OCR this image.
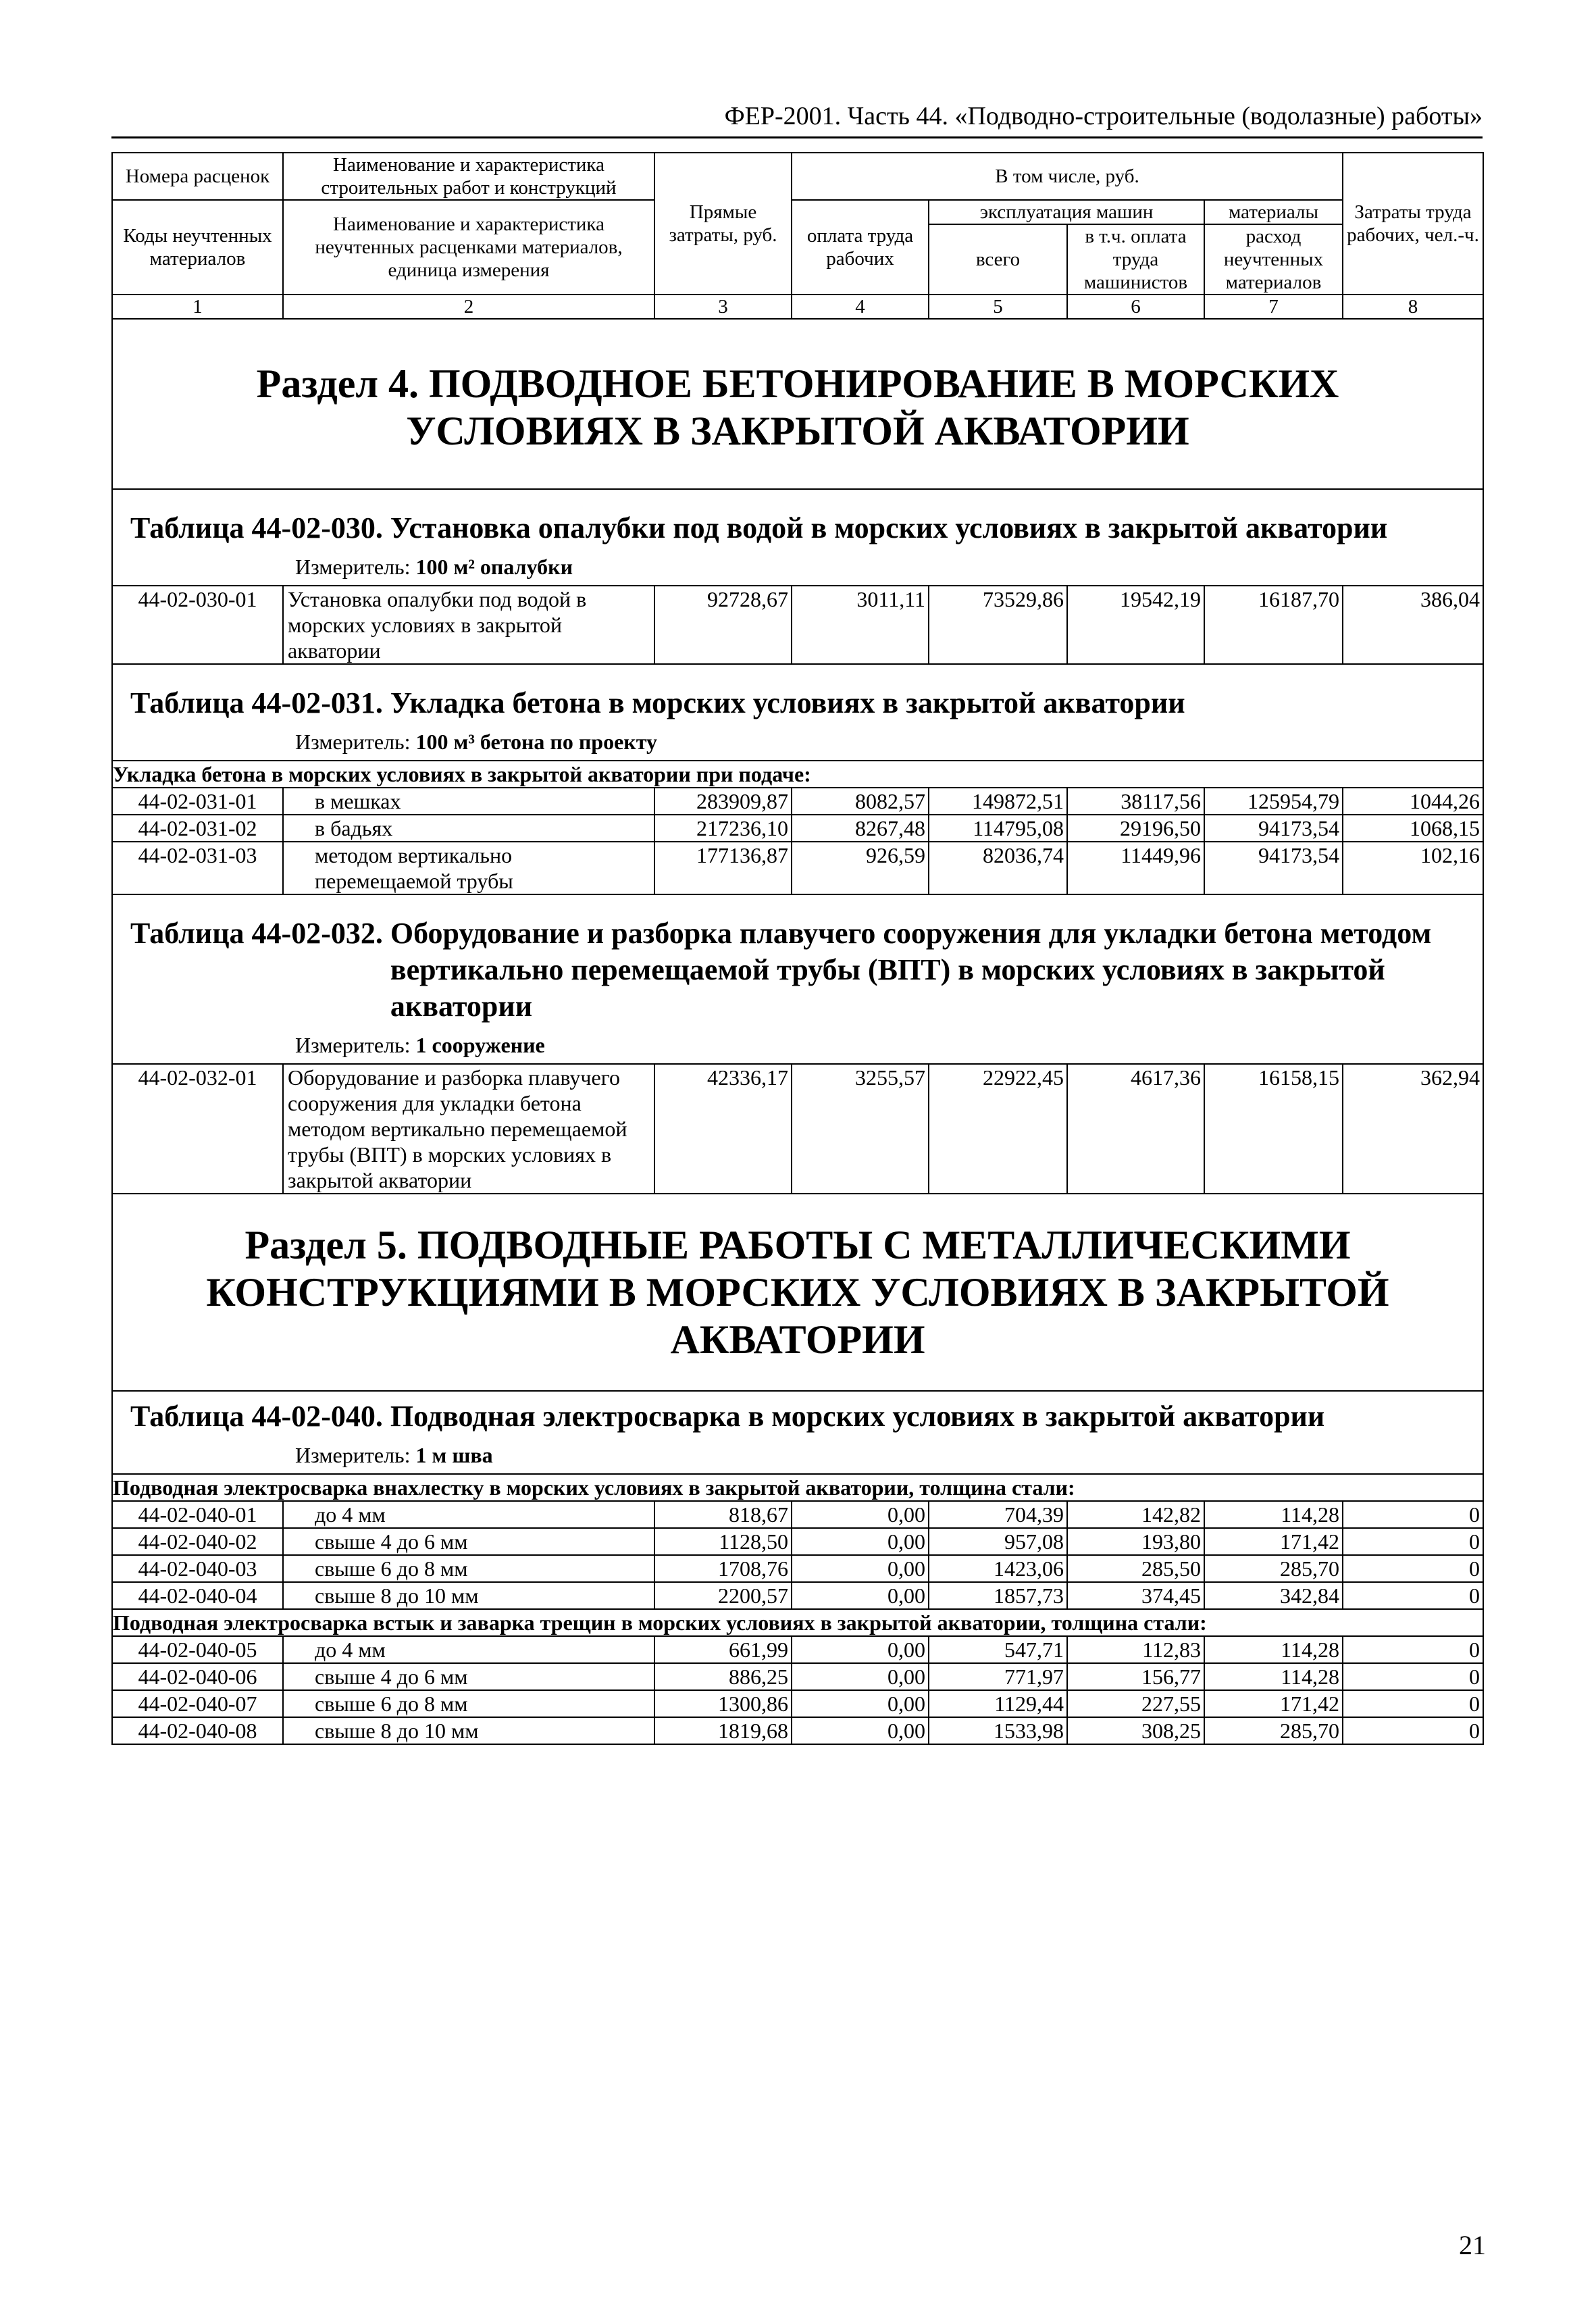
ФЕР-2001. Часть 44. «Подводно-строительные (водолазные) работы»
Номера расценок	Наименование и характеристика строительных работ и конструкций	Прямые затраты, руб.	В том числе, руб.				Затраты труда рабочих, чел.-ч.
Коды неучтенных материалов	Наименование и характеристика неучтенных расценками материалов, единица измерения		оплата труда рабочих	эксплуатация машин		материалы	
				всего	в т.ч. оплата труда машинистов	расход неучтенных материалов	
1	2	3	4	5	6	7	8

Раздел 4. ПОДВОДНОЕ БЕТОНИРОВАНИЕ В МОРСКИХ УСЛОВИЯХ В ЗАКРЫТОЙ АКВАТОРИИ							

Таблица 44-02-030.
Установка опалубки под водой в морских условиях в закрытой акватории
Измеритель: 100 м² опалубки							

44-02-030-01	Установка опалубки под водой в морских условиях в закрытой акватории	92728,67	3011,11	73529,86	19542,19	16187,70	386,04

Таблица 44-02-031.
Укладка бетона в морских условиях в закрытой акватории
Измеритель: 100 м³ бетона по проекту							

Укладка бетона в морских условиях в закрытой акватории при подаче:							
44-02-031-01	в мешках	283909,87	8082,57	149872,51	38117,56	125954,79	1044,26
44-02-031-02	в бадьях	217236,10	8267,48	114795,08	29196,50	94173,54	1068,15
44-02-031-03	методом вертикально перемещаемой трубы	177136,87	926,59	82036,74	11449,96	94173,54	102,16

Таблица 44-02-032.
Оборудование и разборка плавучего сооружения для укладки бетона методом вертикально перемещаемой трубы (ВПТ) в морских условиях в закрытой акватории
Измеритель: 1 сооружение							

44-02-032-01	Оборудование и разборка плавучего сооружения для укладки бетона методом вертикально перемещаемой трубы (ВПТ) в морских условиях в закрытой акватории	42336,17	3255,57	22922,45	4617,36	16158,15	362,94

Раздел 5. ПОДВОДНЫЕ РАБОТЫ С МЕТАЛЛИЧЕСКИМИ КОНСТРУКЦИЯМИ В МОРСКИХ УСЛОВИЯХ В ЗАКРЫТОЙ АКВАТОРИИ							

Таблица 44-02-040.
Подводная электросварка в морских условиях в закрытой акватории
Измеритель: 1 м шва							

Подводная электросварка внахлестку в морских условиях в закрытой акватории, толщина стали:							
44-02-040-01	до 4 мм	818,67	0,00	704,39	142,82	114,28	0
44-02-040-02	свыше 4 до 6 мм	1128,50	0,00	957,08	193,80	171,42	0
44-02-040-03	свыше 6 до 8 мм	1708,76	0,00	1423,06	285,50	285,70	0
44-02-040-04	свыше 8 до 10 мм	2200,57	0,00	1857,73	374,45	342,84	0
Подводная электросварка встык и заварка трещин в морских условиях в закрытой акватории, толщина стали:							
44-02-040-05	до 4 мм	661,99	0,00	547,71	112,83	114,28	0
44-02-040-06	свыше 4 до 6 мм	886,25	0,00	771,97	156,77	114,28	0
44-02-040-07	свыше 6 до 8 мм	1300,86	0,00	1129,44	227,55	171,42	0
44-02-040-08	свыше 8 до 10 мм	1819,68	0,00	1533,98	308,25	285,70	0
21
